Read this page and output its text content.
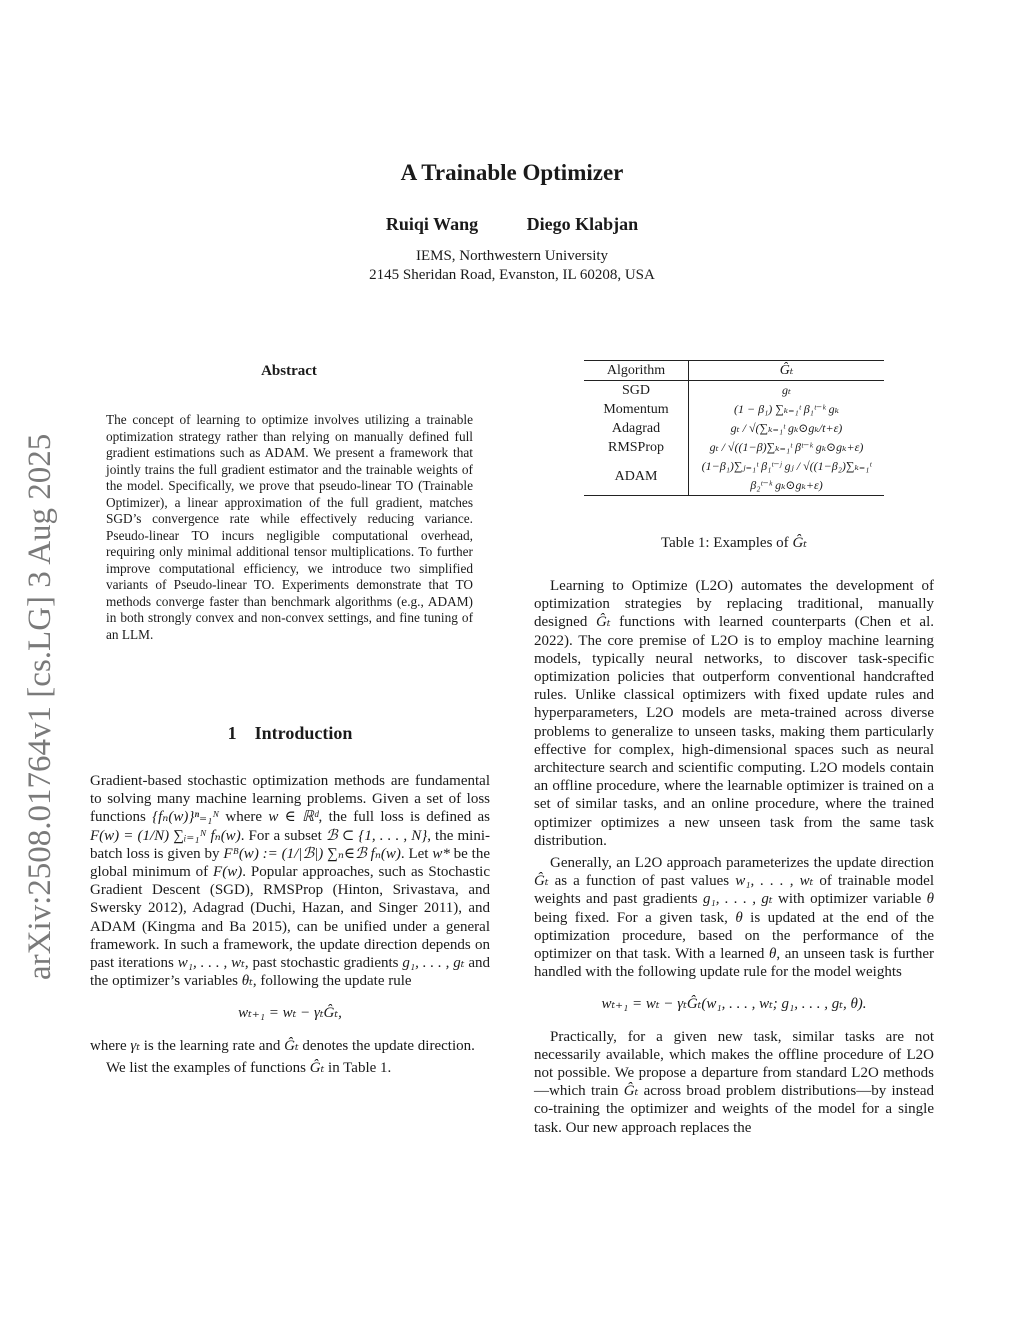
A Trainable Optimizer
Ruiqi Wang	Diego Klabjan
IEMS, Northwestern University
2145 Sheridan Road, Evanston, IL 60208, USA
arXiv:2508.01764v1 [cs.LG] 3 Aug 2025
Abstract
The concept of learning to optimize involves utilizing a trainable optimization strategy rather than relying on manually defined full gradient estimations such as ADAM. We present a framework that jointly trains the full gradient estimator and the trainable weights of the model. Specifically, we prove that pseudo-linear TO (Trainable Optimizer), a linear approximation of the full gradient, matches SGD’s convergence rate while effectively reducing variance. Pseudo-linear TO incurs negligible computational overhead, requiring only minimal additional tensor multiplications. To further improve computational efficiency, we introduce two simplified variants of Pseudo-linear TO. Experiments demonstrate that TO methods converge faster than benchmark algorithms (e.g., ADAM) in both strongly convex and non-convex settings, and fine tuning of an LLM.
1 Introduction

Gradient-based stochastic optimization methods are fundamental to solving many machine learning problems. Given a set of loss functions {fₙ(w)}ⁿ₌₁ᴺ where w ∈ ℝᵈ, the full loss is defined as F(w) = (1/N) ∑ᵢ₌₁ᴺ fₙ(w). For a subset ℬ ⊂ {1, . . . , N}, the mini-batch loss is given by Fᴮ(w) := (1/|ℬ|) ∑ₙ∈ℬ fₙ(w). Let w* be the global minimum of F(w). Popular approaches, such as Stochastic Gradient Descent (SGD), RMSProp (Hinton, Srivastava, and Swersky 2012), Adagrad (Duchi, Hazan, and Singer 2011), and ADAM (Kingma and Ba 2015), can be unified under a general framework. In such a framework, the update direction depends on past iterations w₁, . . . , wₜ, past stochastic gradients g₁, . . . , gₜ and the optimizer’s variables θₜ, following the update rule

wₜ₊₁ = wₜ − γₜĜₜ,

where γₜ is the learning rate and Ĝₜ denotes the update direction.

We list the examples of functions Ĝₜ in Table 1.

Algorithm	Ĝₜ
SGD	gₜ
Momentum	(1 − β₁) ∑ₖ₌₁ᵗ β₁ᵗ⁻ᵏ gₖ
Adagrad	gₜ / √(∑ₖ₌₁ᵗ gₖ⊙gₖ/t+ε)
RMSProp	gₜ / √((1−β)∑ₖ₌₁ᵗ βᵗ⁻ᵏ gₖ⊙gₖ+ε)
ADAM	(1−β₁)∑ⱼ₌₁ᵗ β₁ᵗ⁻ʲ gⱼ / √((1−β₂)∑ₖ₌₁ᵗ β₂ᵗ⁻ᵏ gₖ⊙gₖ+ε)
Table 1: Examples of Ĝₜ

Learning to Optimize (L2O) automates the development of optimization strategies by replacing traditional, manually designed Ĝₜ functions with learned counterparts (Chen et al. 2022). The core premise of L2O is to employ machine learning models, typically neural networks, to discover task-specific optimization policies that outperform conventional handcrafted rules. Unlike classical optimizers with fixed update rules and hyperparameters, L2O models are meta-trained across diverse problems to generalize to unseen tasks, making them particularly effective for complex, high-dimensional spaces such as neural architecture search and scientific computing. L2O models contain an offline procedure, where the learnable optimizer is trained on a set of similar tasks, and an online procedure, where the trained optimizer optimizes a new unseen task from the same task distribution.

Generally, an L2O approach parameterizes the update direction Ĝₜ as a function of past values w₁, . . . , wₜ of trainable model weights and past gradients g₁, . . . , gₜ with optimizer variable θ being fixed. For a given task, θ is updated at the end of the optimization procedure, based on the performance of the optimizer on that task. With a learned θ, an unseen task is further handled with the following update rule for the model weights

wₜ₊₁ = wₜ − γₜĜₜ(w₁, . . . , wₜ; g₁, . . . , gₜ, θ).

Practically, for a given new task, similar tasks are not necessarily available, which makes the offline procedure of L2O not possible. We propose a departure from standard L2O methods—which train Ĝₜ across broad problem distributions—by instead co-training the optimizer and weights of the model for a single task. Our new approach replaces the
